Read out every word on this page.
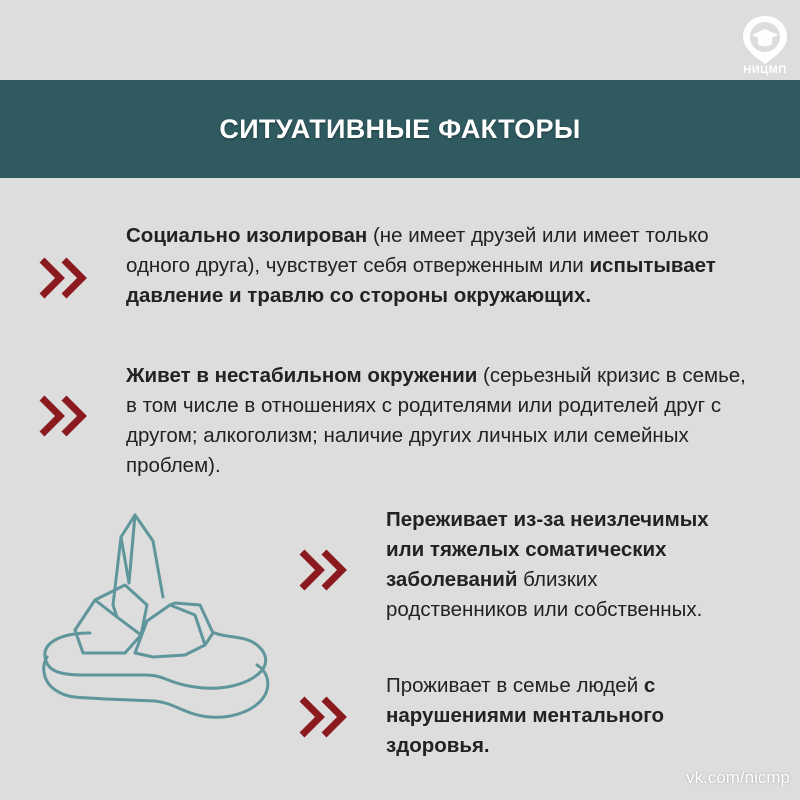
НИЦМП
СИТУАТИВНЫЕ ФАКТОРЫ
Социально изолирован (не имеет друзей или имеет только одного друга), чувствует себя отверженным или испытывает давление и травлю со стороны окружающих.
Живет в нестабильном окружении (серьезный кризис в семье, в том числе в отношениях с родителями или родителей друг с другом; алкоголизм; наличие других личных или семейных проблем).
Переживает из-за неизлечимых или тяжелых соматических заболеваний близких родственников или собственных.
Проживает в семье людей с нарушениями ментального здоровья.
vk.com/nicmp
